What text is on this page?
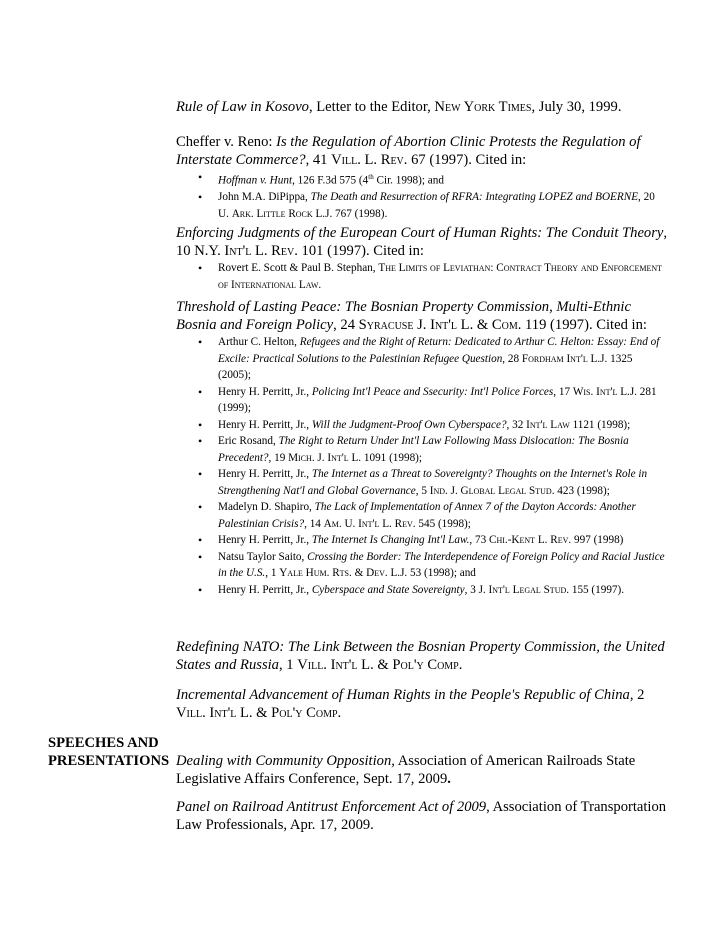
Rule of Law in Kosovo, Letter to the Editor, New York Times, July 30, 1999.

Cheffer v. Reno: Is the Regulation of Abortion Clinic Protests the Regulation of Interstate Commerce?, 41 Vill. L. Rev. 67 (1997). Cited in:

• Hoffman v. Hunt, 126 F.3d 575 (4th Cir. 1998); and
• John M.A. DiPippa, The Death and Resurrection of RFRA: Integrating LOPEZ and BOERNE, 20 U. Ark. Little Rock L.J. 767 (1998).

Enforcing Judgments of the European Court of Human Rights: The Conduit Theory, 10 N.Y. Int'l L. Rev. 101 (1997). Cited in:

• Rovert E. Scott & Paul B. Stephan, The Limits of Leviathan: Contract Theory and Enforcement of International Law.

Threshold of Lasting Peace: The Bosnian Property Commission, Multi-Ethnic Bosnia and Foreign Policy, 24 Syracuse J. Int'l L. & Com. 119 (1997). Cited in:

• Arthur C. Helton, Refugees and the Right of Return: Dedicated to Arthur C. Helton: Essay: End of Excile: Practical Solutions to the Palestinian Refugee Question, 28 Fordham Int'l L.J. 1325 (2005);
• Henry H. Perritt, Jr., Policing Int'l Peace and Ssecurity: Int'l Police Forces, 17 Wis. Int'l L.J. 281 (1999);
• Henry H. Perritt, Jr., Will the Judgment-Proof Own Cyberspace?, 32 Int'l Law 1121 (1998);
• Eric Rosand, The Right to Return Under Int'l Law Following Mass Dislocation: The Bosnia Precedent?, 19 Mich. J. Int'l L. 1091 (1998);
• Henry H. Perritt, Jr., The Internet as a Threat to Sovereignty? Thoughts on the Internet's Role in Strengthening Nat'l and Global Governance, 5 Ind. J. Global Legal Stud. 423 (1998);
• Madelyn D. Shapiro, The Lack of Implementation of Annex 7 of the Dayton Accords: Another Palestinian Crisis?, 14 Am. U. Int'l L. Rev. 545 (1998);
• Henry H. Perritt, Jr., The Internet Is Changing Int'l Law., 73 Chi.-Kent L. Rev. 997 (1998)
• Natsu Taylor Saito, Crossing the Border: The Interdependence of Foreign Policy and Racial Justice in the U.S., 1 Yale Hum. Rts. & Dev. L.J. 53 (1998); and
• Henry H. Perritt, Jr., Cyberspace and State Sovereignty, 3 J. Int'l Legal Stud. 155 (1997).

Redefining NATO: The Link Between the Bosnian Property Commission, the United States and Russia, 1 Vill. Int'l L. & Pol'y Comp.

Incremental Advancement of Human Rights in the People's Republic of China, 2 Vill. Int'l L. & Pol'y Comp.

SPEECHES AND
PRESENTATIONS Dealing with Community Opposition, Association of American Railroads State Legislative Affairs Conference, Sept. 17, 2009.

Panel on Railroad Antitrust Enforcement Act of 2009, Association of Transportation Law Professionals, Apr. 17, 2009.
